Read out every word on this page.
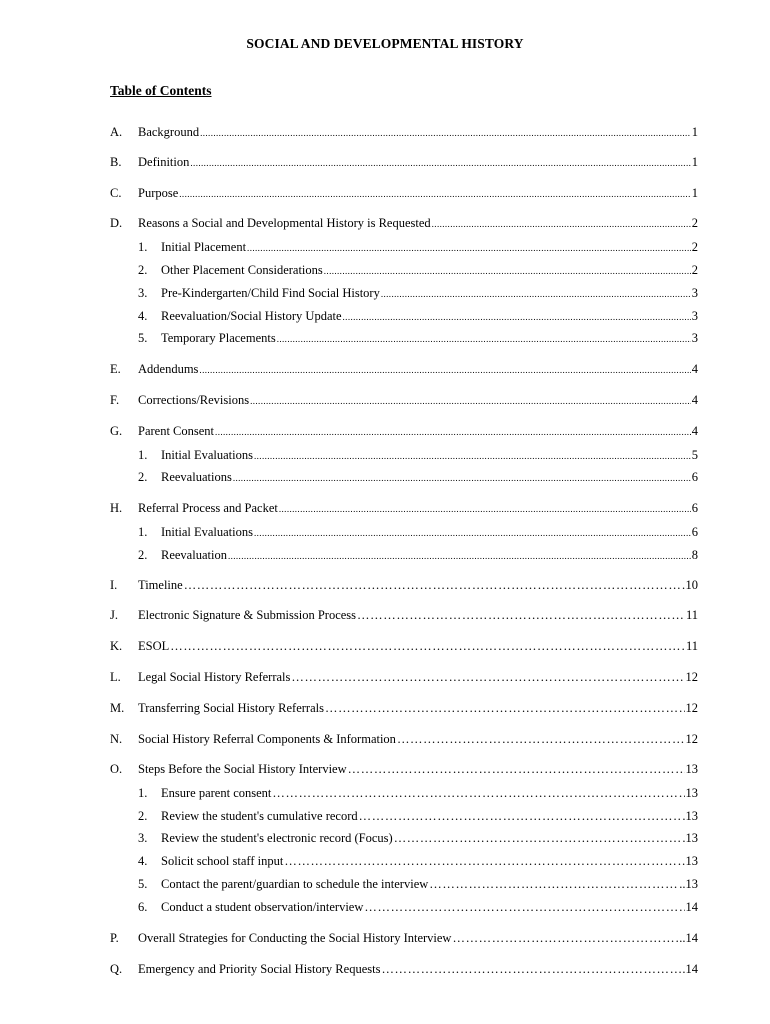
SOCIAL AND DEVELOPMENTAL HISTORY
Table of Contents
A. Background .....	1
B. Definition .....	1
C. Purpose .....	1
D. Reasons a Social and Developmental History is Requested .....	2
1. Initial Placement .....	2
2. Other Placement Considerations .....	2
3. Pre-Kindergarten/Child Find Social History .....	3
4. Reevaluation/Social History Update .....	3
5. Temporary Placements .....	3
E. Addendums .....	4
F. Corrections/Revisions .....	4
G. Parent Consent .....	4
1. Initial Evaluations .....	5
2. Reevaluations .....	6
H. Referral Process and Packet .....	6
1. Initial Evaluations .....	6
2. Reevaluation .....	8
I. Timeline …………………………………………………………………………………………………………………………………………………………………………………………………………………………………………………………	10
J. Electronic Signature & Submission Process …………………………………………………………………………………………………………………………………………………………………………………………………………………………………………………………	11
K. ESOL …………………………………………………………………………………………………………………………………………………………………………………………………………………………………………………………	11
L. Legal Social History Referrals …………………………………………………………………………………………………………………………………………………………………………………………………………………………………………………………	12
M. Transferring Social History Referrals …………………………………………………………………………………………………………………………………………………………………………………………………………………………………………………………	12
N. Social History Referral Components & Information …………………………………………………………………………………………………………………………………………………………………………………………………………………………………………………………	12
O. Steps Before the Social History Interview …………………………………………………………………………………………………………………………………………………………………………………………………………………………………………………………	13
1. Ensure parent consent …………………………………………………………………………………………………………………………………………………………………………………………………………………………………………………………	13
2. Review the student's cumulative record …………………………………………………………………………………………………………………………………………………………………………………………………………………………………………………………	.13
3. Review the student's electronic record (Focus) …………………………………………………………………………………………………………………………………………………………………………………………………………………………………………………………	.13
4. Solicit school staff input …………………………………………………………………………………………………………………………………………………………………………………………………………………………………………………………	13
5. Contact the parent/guardian to schedule the interview …………………………………………………………………………………………………………………………………………………………………………………………………………………………………………………………	..13
6. Conduct a student observation/interview …………………………………………………………………………………………………………………………………………………………………………………………………………………………………………………………	14
P. Overall Strategies for Conducting the Social History Interview …………………………………………………………………………………………………………………………………………………………………………………………………………………………………………………………	..14
Q. Emergency and Priority Social History Requests …………………………………………………………………………………………………………………………………………………………………………………………………………………………………………………………	.14
